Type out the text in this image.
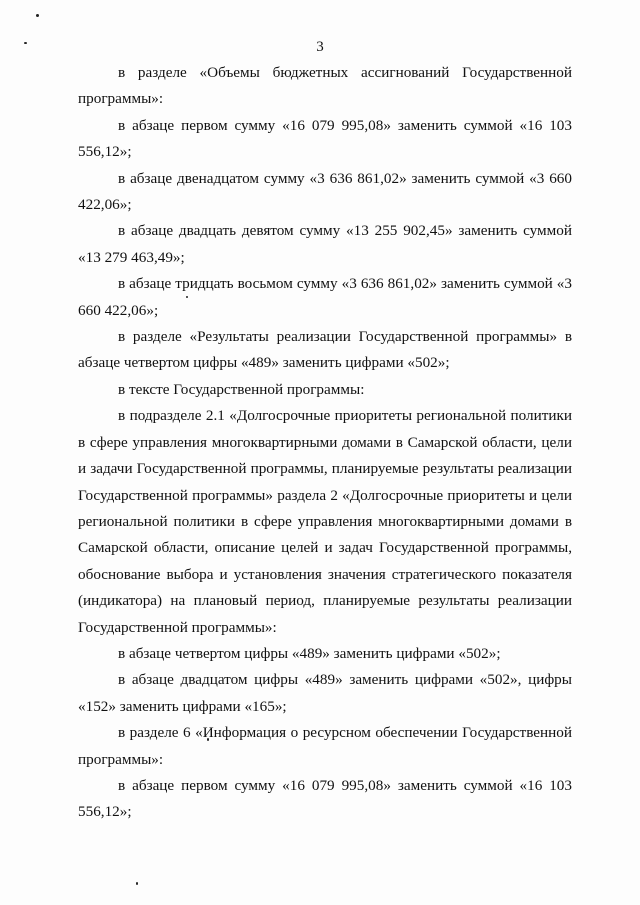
3

в разделе «Объемы бюджетных ассигнований Государственной программы»:

в абзаце первом сумму «16 079 995,08» заменить суммой «16 103 556,12»;

в абзаце двенадцатом сумму «3 636 861,02» заменить суммой «3 660 422,06»;

в абзаце двадцать девятом сумму «13 255 902,45» заменить суммой «13 279 463,49»;

в абзаце тридцать восьмом сумму «3 636 861,02» заменить суммой «3 660 422,06»;

в разделе «Результаты реализации Государственной программы» в абзаце четвертом цифры «489» заменить цифрами «502»;

в тексте Государственной программы:

в подразделе 2.1 «Долгосрочные приоритеты региональной политики в сфере управления многоквартирными домами в Самарской области, цели и задачи Государственной программы, планируемые результаты реализации Государственной программы» раздела 2 «Долгосрочные приоритеты и цели региональной политики в сфере управления многоквартирными домами в Самарской области, описание целей и задач Государственной программы, обоснование выбора и установления значения стратегического показателя (индикатора) на плановый период, планируемые результаты реализации Государственной программы»:

в абзаце четвертом цифры «489» заменить цифрами «502»;

в абзаце двадцатом цифры «489» заменить цифрами «502», цифры «152» заменить цифрами «165»;

в разделе 6 «Информация о ресурсном обеспечении Государственной программы»:

в абзаце первом сумму «16 079 995,08» заменить суммой «16 103 556,12»;
